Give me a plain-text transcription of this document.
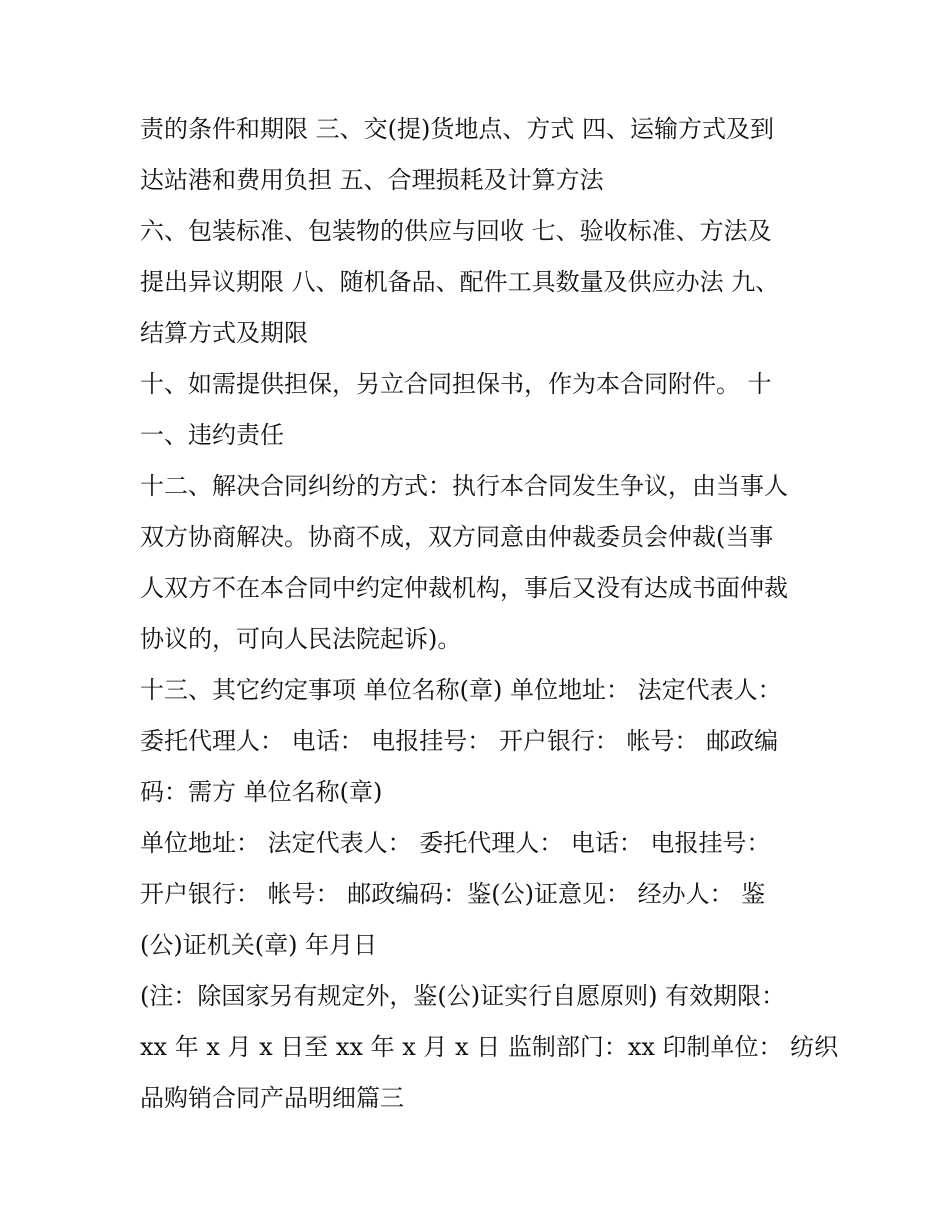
责的条件和期限 三、交(提)货地点、方式 四、运输方式及到
达站港和费用负担 五、合理损耗及计算方法
六、包装标准、包装物的供应与回收 七、验收标准、方法及
提出异议期限 八、随机备品、配件工具数量及供应办法 九、
结算方式及期限
十、如需提供担保，另立合同担保书，作为本合同附件。 十
一、违约责任
十二、解决合同纠纷的方式：执行本合同发生争议，由当事人
双方协商解决。协商不成，双方同意由仲裁委员会仲裁(当事
人双方不在本合同中约定仲裁机构，事后又没有达成书面仲裁
协议的，可向人民法院起诉)。
十三、其它约定事项 单位名称(章) 单位地址： 法定代表人：
委托代理人： 电话： 电报挂号： 开户银行： 帐号： 邮政编
码：需方 单位名称(章)
单位地址： 法定代表人： 委托代理人： 电话： 电报挂号：
开户银行： 帐号： 邮政编码：鉴(公)证意见： 经办人： 鉴
(公)证机关(章) 年月日
(注：除国家另有规定外，鉴(公)证实行自愿原则) 有效期限：
xx 年 x 月 x 日至 xx 年 x 月 x 日 监制部门：xx 印制单位： 纺织
品购销合同产品明细篇三
